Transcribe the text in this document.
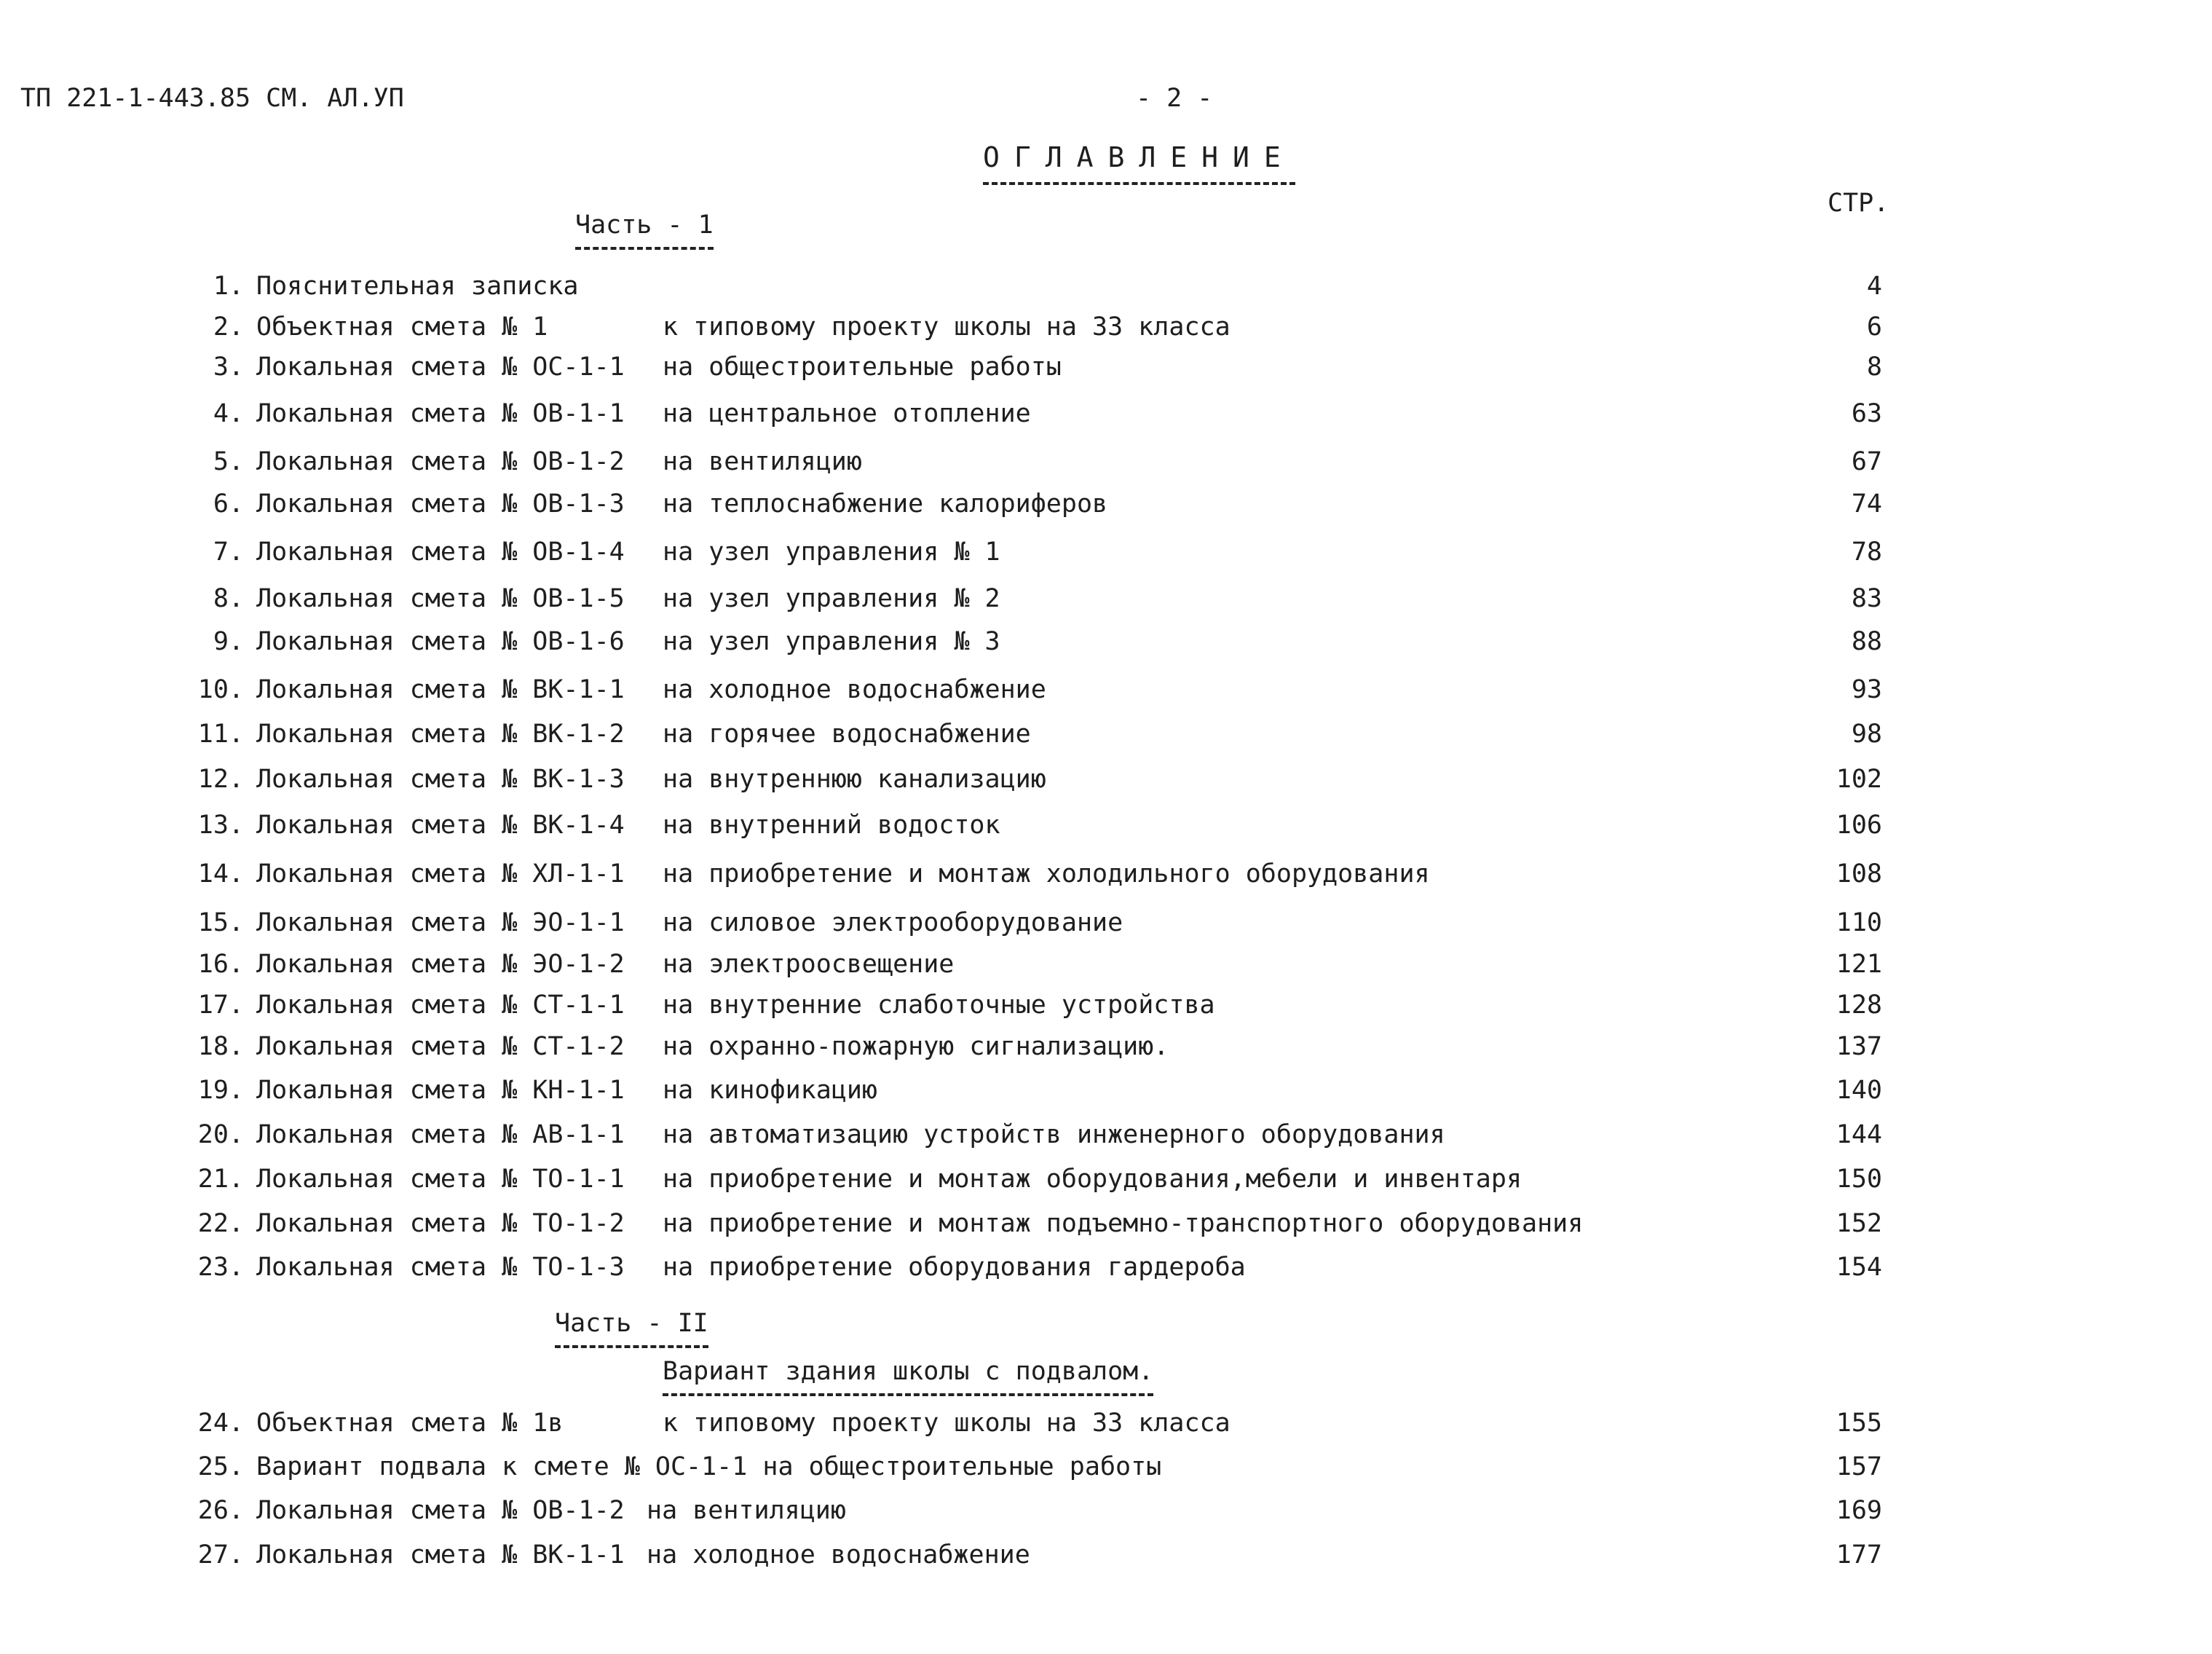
ТП 221-1-443.85 СМ. АЛ.УП	- 2 -
ОГЛАВЛЕНИЕ
СТР.
Часть - 1
1. Пояснительная записка	4
2. Объектная смета № 1	к типовому проекту школы на 33 класса	6
3. Локальная смета № ОС-1-1 на общестроительные работы	8
4. Локальная смета № ОВ-1-1 на центральное отопление	63
5. Локальная смета № ОВ-1-2 на вентиляцию	67
6. Локальная смета № ОВ-1-3 на теплоснабжение калориферов	74
7. Локальная смета № ОВ-1-4 на узел управления № 1	78
8. Локальная смета № ОВ-1-5 на узел управления № 2	83
9. Локальная смета № ОВ-1-6 на узел управления № 3	88
10. Локальная смета № ВК-1-1 на холодное водоснабжение	93
11. Локальная смета № ВК-1-2 на горячее водоснабжение	98
12. Локальная смета № ВК-1-3 на внутреннюю канализацию	102
13. Локальная смета № ВК-1-4 на внутренний водосток	106
14. Локальная смета № ХЛ-1-1 на приобретение и монтаж холодильного оборудования	108
15. Локальная смета № ЭО-1-1 на силовое электрооборудование	110
16. Локальная смета № ЭО-1-2 на электроосвещение	121
17. Локальная смета № СТ-1-1 на внутренние слаботочные устройства	128
18. Локальная смета № СТ-1-2 на охранно-пожарную сигнализацию.	137
19. Локальная смета № КН-1-1 на кинофикацию	140
20. Локальная смета № АВ-1-1 на автоматизацию устройств инженерного оборудования	144
21. Локальная смета № ТО-1-1 на приобретение и монтаж оборудования,мебели и инвентаря	150
22. Локальная смета № ТО-1-2 на приобретение и монтаж подъемно-транспортного оборудования	152
23. Локальная смета № ТО-1-3 на приобретение оборудования гардероба	154
Часть - II
Вариант здания школы с подвалом.
24. Объектная смета № 1в	к типовому проекту школы на 33 класса	155
25. Вариант подвала к смете № ОС-1-1 на общестроительные работы	157
26. Локальная смета № ОВ-1-2 на вентиляцию	169
27. Локальная смета № ВК-1-1 на холодное водоснабжение	177
